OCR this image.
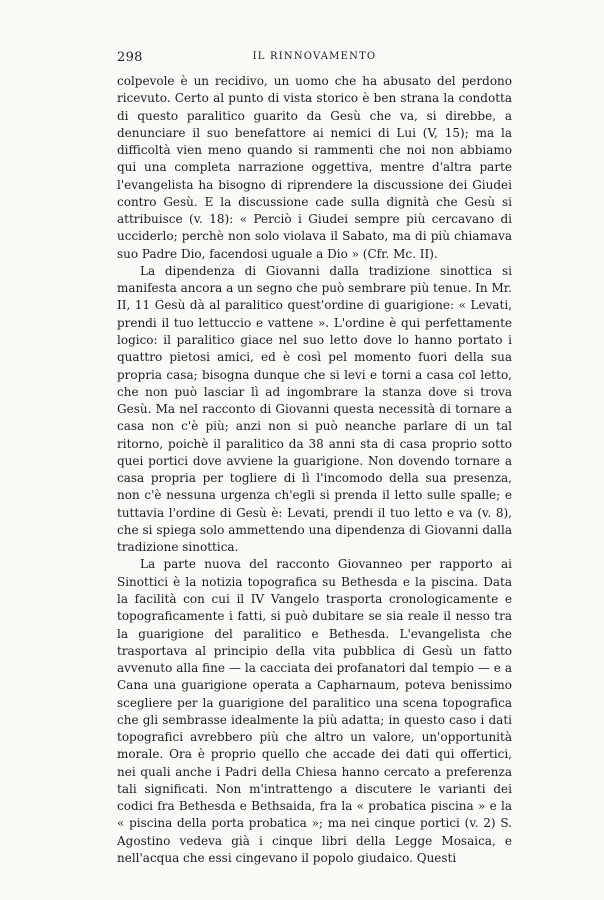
298	IL RINNOVAMENTO

colpevole è un recidivo, un uomo che ha abusato del perdono ricevuto. Certo al punto di vista storico è ben strana la condotta di questo paralitico guarito da Gesù che va, si direbbe, a denunciare il suo benefattore ai nemici di Lui (V, 15); ma la difficoltà vien meno quando si rammenti che noi non abbiamo qui una completa narrazione oggettiva, mentre d'altra parte l'evangelista ha bisogno di riprendere la discussione dei Giudei contro Gesù. E la discussione cade sulla dignità che Gesù si attribuisce (v. 18): « Perciò i Giudei sempre più cercavano di ucciderlo; perchè non solo violava il Sabato, ma di più chiamava suo Padre Dio, facendosi uguale a Dio » (Cfr. Mc. II).

La dipendenza di Giovanni dalla tradizione sinottica si manifesta ancora a un segno che può sembrare più tenue. In Mr. II, 11 Gesù dà al paralitico quest'ordine di guarigione: « Levati, prendi il tuo lettuccio e vattene ». L'ordine è qui perfettamente logico: il paralitico giace nel suo letto dove lo hanno portato i quattro pietosi amici, ed è così pel momento fuori della sua propria casa; bisogna dunque che si levi e torni a casa col letto, che non può lasciar lì ad ingombrare la stanza dove si trova Gesù. Ma nel racconto di Giovanni questa necessità di tornare a casa non c'è più; anzi non si può neanche parlare di un tal ritorno, poichè il paralitico da 38 anni sta di casa proprio sotto quei portici dove avviene la guarigione. Non dovendo tornare a casa propria per togliere di lì l'incomodo della sua presenza, non c'è nessuna urgenza ch'egli si prenda il letto sulle spalle; e tuttavia l'ordine di Gesù è: Levati, prendi il tuo letto e va (v. 8), che si spiega solo ammettendo una dipendenza di Giovanni dalla tradizione sinottica.

La parte nuova del racconto Giovanneo per rapporto ai Sinottici è la notizia topografica su Bethesda e la piscina. Data la facilità con cui il IV Vangelo trasporta cronologicamente e topograficamente i fatti, si può dubitare se sia reale il nesso tra la guarigione del paralitico e Bethesda. L'evangelista che trasportava al principio della vita pubblica di Gesù un fatto avvenuto alla fine — la cacciata dei profanatori dal tempio — e a Cana una guarigione operata a Capharnaum, poteva benissimo scegliere per la guarigione del paralitico una scena topografica che gli sembrasse idealmente la più adatta; in questo caso i dati topografici avrebbero più che altro un valore, un'opportunità morale. Ora è proprio quello che accade dei dati qui offertici, nei quali anche i Padri della Chiesa hanno cercato a preferenza tali significati. Non m'intrattengo a discutere le varianti dei codici fra Bethesda e Bethsaida, fra la « probatica piscina » e la « piscina della porta probatica »; ma nei cinque portici (v. 2) S. Agostino vedeva già i cinque libri della Legge Mosaica, e nell'acqua che essi cingevano il popolo giudaico. Questi
